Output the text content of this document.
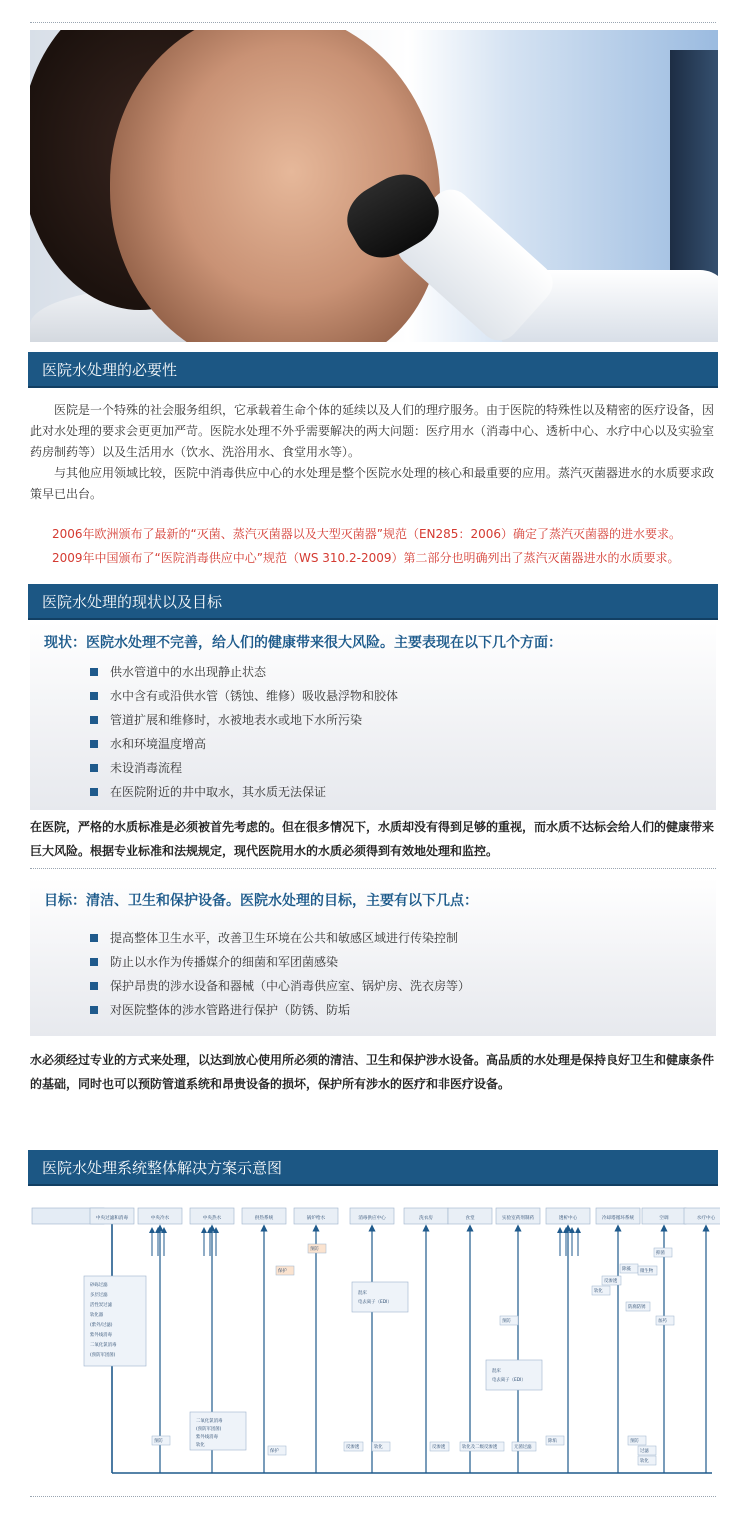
医院水处理的必要性

医院是一个特殊的社会服务组织，它承载着生命个体的延续以及人们的理疗服务。由于医院的特殊性以及精密的医疗设备，因此对水处理的要求会更更加严苛。医院水处理不外乎需要解决的两大问题：医疗用水（消毒中心、透析中心、水疗中心以及实验室药房制药等）以及生活用水（饮水、洗浴用水、食堂用水等）。

与其他应用领域比较，医院中消毒供应中心的水处理是整个医院水处理的核心和最重要的应用。蒸汽灭菌器进水的水质要求政策早已出台。

2006年欧洲颁布了最新的“灭菌、蒸汽灭菌器以及大型灭菌器”规范（EN285：2006）确定了蒸汽灭菌器的进水要求。
2009年中国颁布了“医院消毒供应中心”规范（WS 310.2-2009）第二部分也明确列出了蒸汽灭菌器进水的水质要求。
医院水处理的现状以及目标
现状：医院水处理不完善，给人们的健康带来很大风险。主要表现在以下几个方面：
供水管道中的水出现静止状态
水中含有或沿供水管（锈蚀、维修）吸收悬浮物和胶体
管道扩展和维修时，水被地表水或地下水所污染
水和环境温度增高
未设消毒流程
在医院附近的井中取水，其水质无法保证
在医院，严格的水质标准是必须被首先考虑的。但在很多情况下，水质却没有得到足够的重视，而水质不达标会给人们的健康带来巨大风险。根据专业标准和法规规定，现代医院用水的水质必须得到有效地处理和监控。
目标：清洁、卫生和保护设备。医院水处理的目标，主要有以下几点：
提高整体卫生水平，改善卫生环境在公共和敏感区域进行传染控制
防止以水作为传播媒介的细菌和军团菌感染
保护昂贵的涉水设备和器械（中心消毒供应室、锅炉房、洗衣房等）
对医院整体的涉水管路进行保护（防锈、防垢
水必须经过专业的方式来处理，以达到放心使用所必须的清洁、卫生和保护涉水设备。高品质的水处理是保持良好卫生和健康条件的基础，同时也可以预防管道系统和昂贵设备的损坏，保护所有涉水的医疗和非医疗设备。
医院水处理系统整体解决方案示意图
中央过滤和消毒	中央冷水	中央热水	供热系统	锅炉给水	消毒供应中心	洗衣房	食堂	实验室药剂制药	透析中心	冷却塔循环系统	空调	水疗中心
砂砾过滤
多层过滤
活性炭过滤
软化器
(紫外/过滤)
紫外线消毒
二氧化氯消毒
(预防军团菌)
二氧化氯消毒
(预防军团菌)
紫外线消毒
软化
混床
电去离子（EDI）
混床
电去离子（EDI）
预防
保护
保护
预防
反渗透	软化	反渗透	软化及二级反渗透	无菌过滤
除垢
预防
软化
反渗透
除藻
防腐防锈
微生物
抑菌
加药
预防
过滤
软化
